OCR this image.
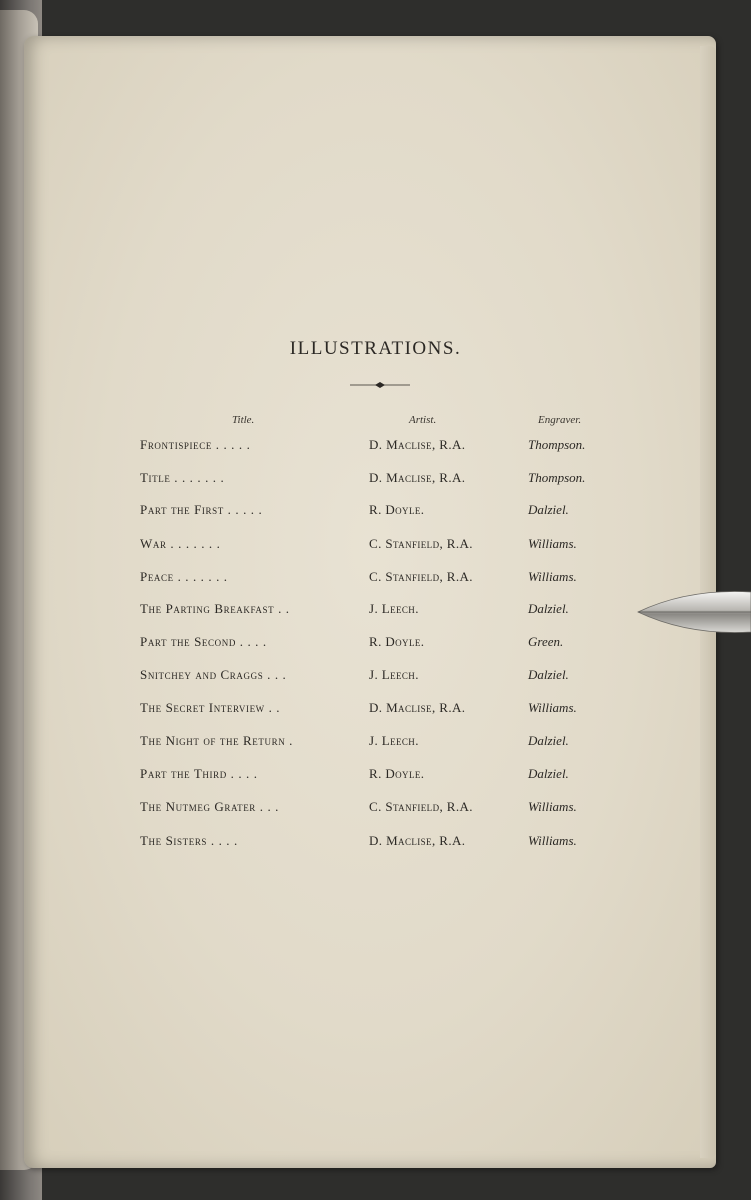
ILLUSTRATIONS.
Title.	Artist.	Engraver.
Frontispiece . . . . .	D. Maclise, R.A.	Thompson.
Title . . . . . . .	D. Maclise, R.A.	Thompson.
Part the First . . . . .	R. Doyle.	Dalziel.
War . . . . . . .	C. Stanfield, R.A.	Williams.
Peace . . . . . . .	C. Stanfield, R.A.	Williams.
The Parting Breakfast . .	J. Leech.	Dalziel.
Part the Second . . . .	R. Doyle.	Green.
Snitchey and Craggs . . .	J. Leech.	Dalziel.
The Secret Interview . .	D. Maclise, R.A.	Williams.
The Night of the Return .	J. Leech.	Dalziel.
Part the Third . . . .	R. Doyle.	Dalziel.
The Nutmeg Grater . . .	C. Stanfield, R.A.	Williams.
The Sisters . . . .	D. Maclise, R.A.	Williams.
